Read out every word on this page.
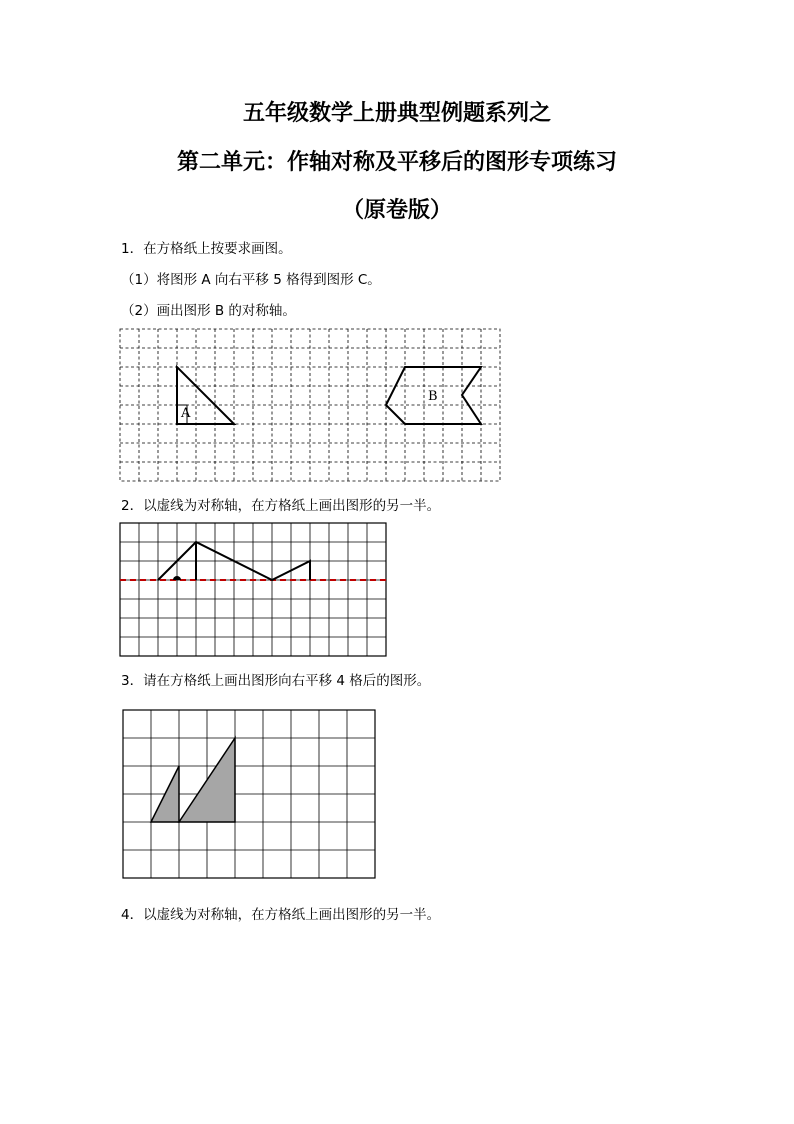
五年级数学上册典型例题系列之
第二单元：作轴对称及平移后的图形专项练习
（原卷版）

1．在方格纸上按要求画图。

（1）将图形 A 向右平移 5 格得到图形 C。

（2）画出图形 B 的对称轴。

A
B

2．以虚线为对称轴，在方格纸上画出图形的另一半。

3．请在方格纸上画出图形向右平移 4 格后的图形。

4．以虚线为对称轴，在方格纸上画出图形的另一半。
